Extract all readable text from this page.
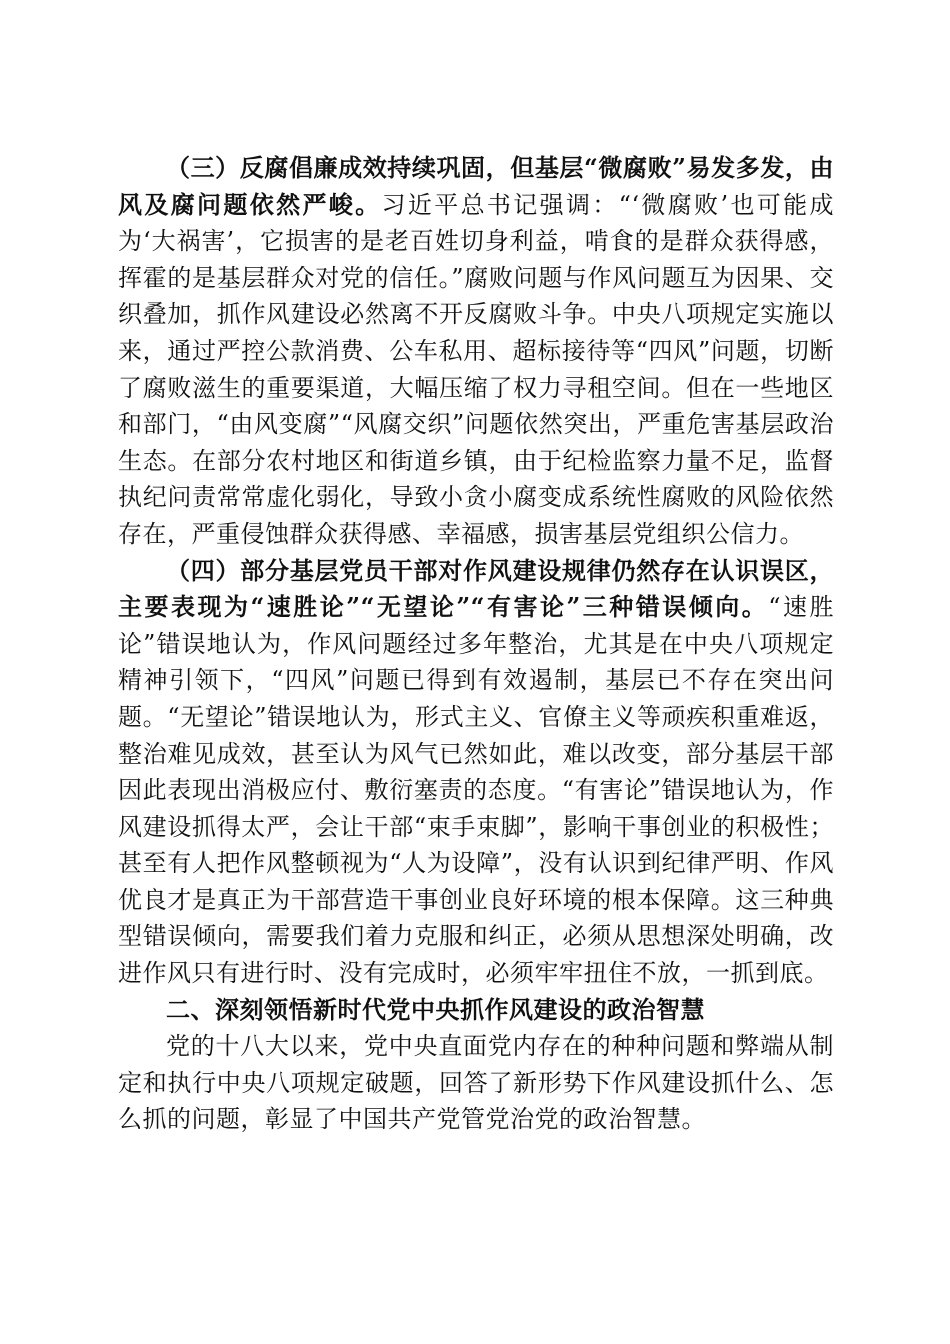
（三）反腐倡廉成效持续巩固，但基层“微腐败”易发多发，由风及腐问题依然严峻。习近平总书记强调：“‘微腐败’也可能成为‘大祸害’，它损害的是老百姓切身利益，啃食的是群众获得感，挥霍的是基层群众对党的信任。”腐败问题与作风问题互为因果、交织叠加，抓作风建设必然离不开反腐败斗争。中央八项规定实施以来，通过严控公款消费、公车私用、超标接待等“四风”问题，切断了腐败滋生的重要渠道，大幅压缩了权力寻租空间。但在一些地区和部门，“由风变腐”“风腐交织”问题依然突出，严重危害基层政治生态。在部分农村地区和街道乡镇，由于纪检监察力量不足，监督执纪问责常常虚化弱化，导致小贪小腐变成系统性腐败的风险依然存在，严重侵蚀群众获得感、幸福感，损害基层党组织公信力。

（四）部分基层党员干部对作风建设规律仍然存在认识误区，主要表现为“速胜论”“无望论”“有害论”三种错误倾向。“速胜论”错误地认为，作风问题经过多年整治，尤其是在中央八项规定精神引领下，“四风”问题已得到有效遏制，基层已不存在突出问题。“无望论”错误地认为，形式主义、官僚主义等顽疾积重难返，整治难见成效，甚至认为风气已然如此，难以改变，部分基层干部因此表现出消极应付、敷衍塞责的态度。“有害论”错误地认为，作风建设抓得太严，会让干部“束手束脚”，影响干事创业的积极性；甚至有人把作风整顿视为“人为设障”，没有认识到纪律严明、作风优良才是真正为干部营造干事创业良好环境的根本保障。这三种典型错误倾向，需要我们着力克服和纠正，必须从思想深处明确，改进作风只有进行时、没有完成时，必须牢牢扭住不放，一抓到底。

二、深刻领悟新时代党中央抓作风建设的政治智慧

党的十八大以来，党中央直面党内存在的种种问题和弊端从制定和执行中央八项规定破题，回答了新形势下作风建设抓什么、怎么抓的问题，彰显了中国共产党管党治党的政治智慧。
